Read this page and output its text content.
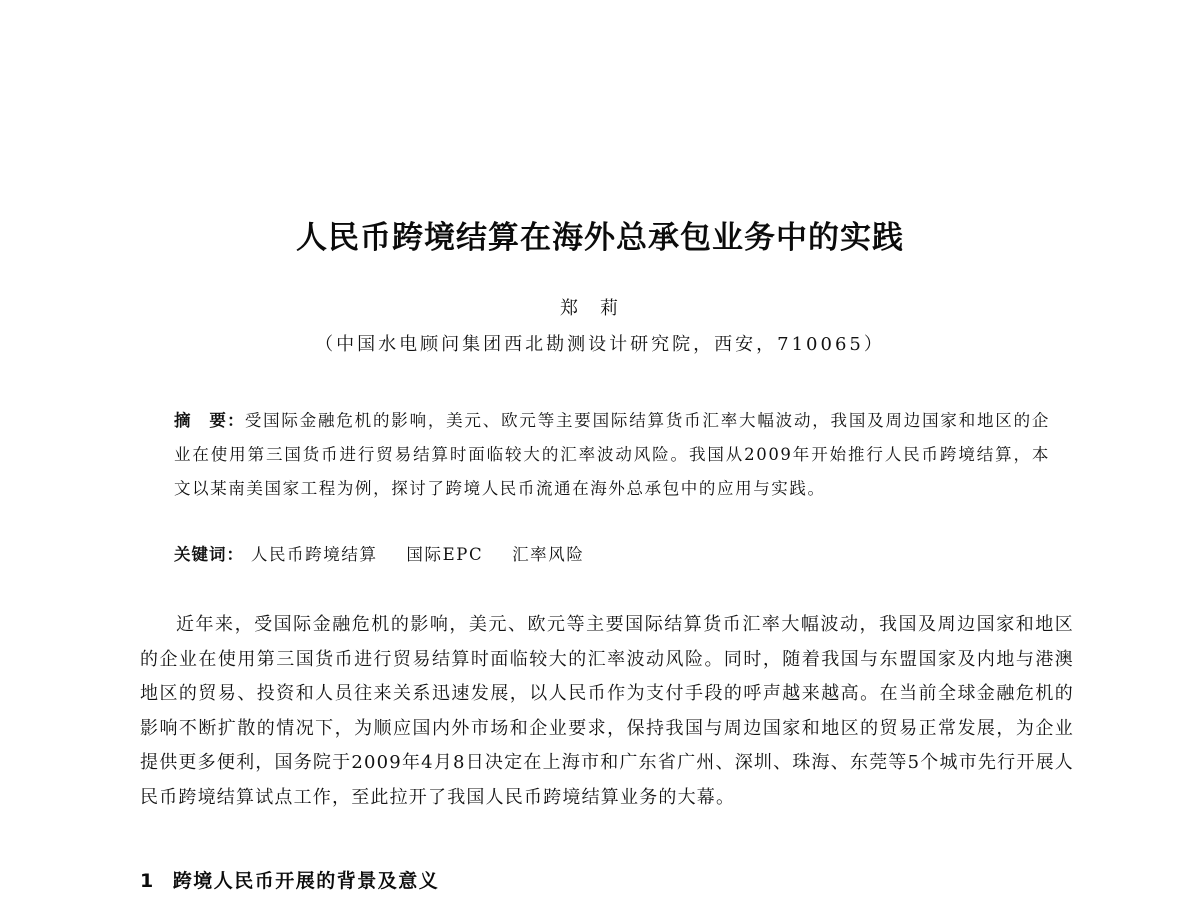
人民币跨境结算在海外总承包业务中的实践
郑莉
（中国水电顾问集团西北勘测设计研究院，西安，710065）
摘　要：受国际金融危机的影响，美元、欧元等主要国际结算货币汇率大幅波动，我国及周边国家和地区的企业在使用第三国货币进行贸易结算时面临较大的汇率波动风险。我国从2009年开始推行人民币跨境结算，本文以某南美国家工程为例，探讨了跨境人民币流通在海外总承包中的应用与实践。
关键词： 人民币跨境结算 国际EPC 汇率风险

近年来，受国际金融危机的影响，美元、欧元等主要国际结算货币汇率大幅波动，我国及周边国家和地区的企业在使用第三国货币进行贸易结算时面临较大的汇率波动风险。同时，随着我国与东盟国家及内地与港澳地区的贸易、投资和人员往来关系迅速发展，以人民币作为支付手段的呼声越来越高。在当前全球金融危机的影响不断扩散的情况下，为顺应国内外市场和企业要求，保持我国与周边国家和地区的贸易正常发展，为企业提供更多便利，国务院于2009年4月8日决定在上海市和广东省广州、深圳、珠海、东莞等5个城市先行开展人民币跨境结算试点工作，至此拉开了我国人民币跨境结算业务的大幕。

1 跨境人民币开展的背景及意义
